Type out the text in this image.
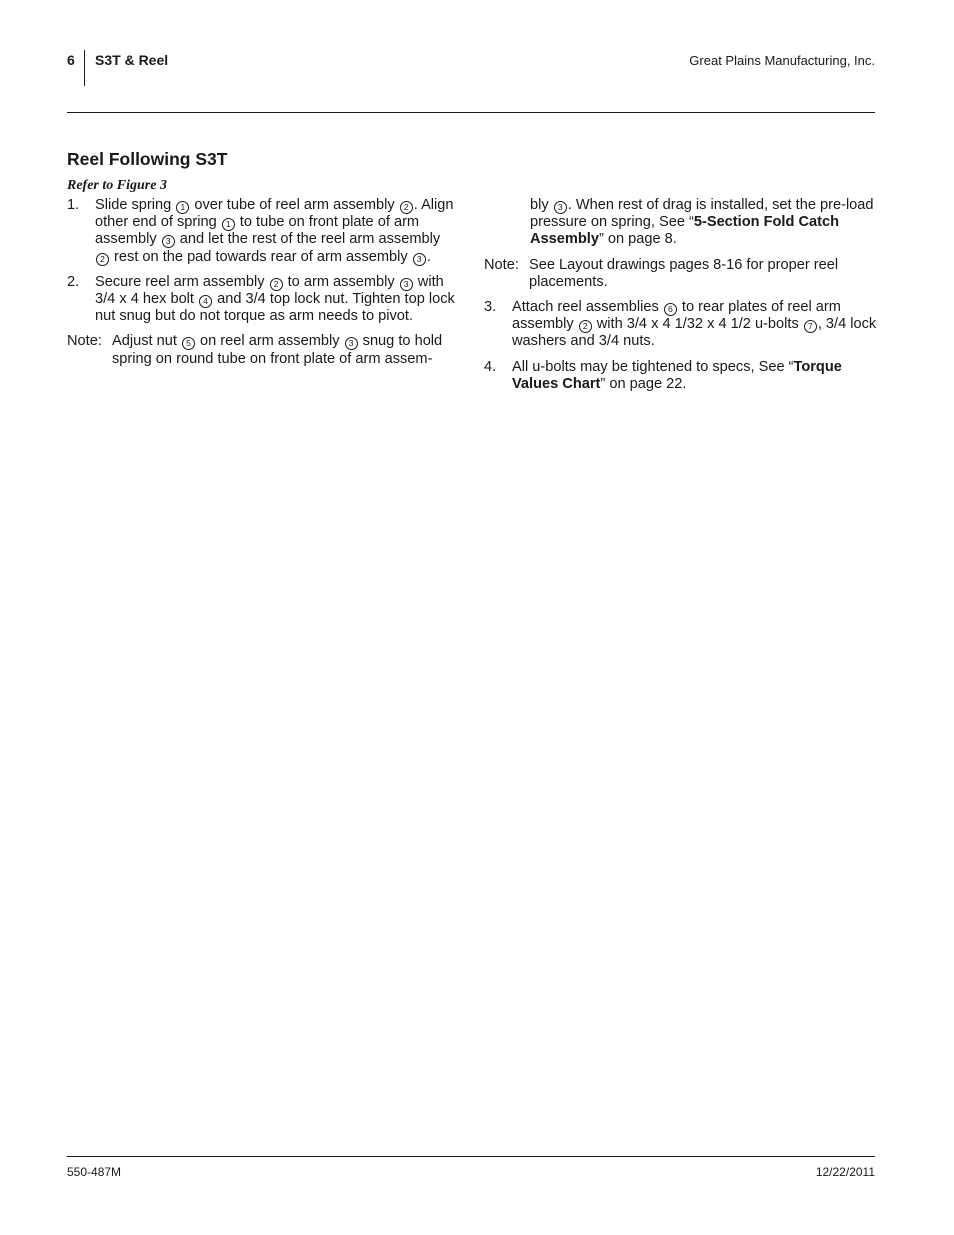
6 S3T & Reel	Great Plains Manufacturing, Inc.
Reel Following S3T
Refer to Figure 3
1.	Slide spring 1 over tube of reel arm assembly 2 . Align other end of spring 1 to tube on front plate of arm assembly 3 and let the rest of the reel arm assembly 2 rest on the pad towards rear of arm assembly 3 .
2.	Secure reel arm assembly 2 to arm assembly 3 with 3/4 x 4 hex bolt 4 and 3/4 top lock nut. Tighten top lock nut snug but do not torque as arm needs to pivot.
Note: Adjust nut 5 on reel arm assembly 3 snug to hold spring on round tube on front plate of arm assem-
bly 3 . When rest of drag is installed, set the pre-load pressure on spring, See “5-Section Fold Catch Assembly” on page 8.
Note: See Layout drawings pages 8-16 for proper reel placements.
3.	Attach reel assemblies 6 to rear plates of reel arm assembly 2 with 3/4 x 4 1/32 x 4 1/2 u-bolts 7 , 3/4 lock washers and 3/4 nuts.
4.	All u-bolts may be tightened to specs, See “Torque Values Chart” on page 22.
550-487M	12/22/2011
